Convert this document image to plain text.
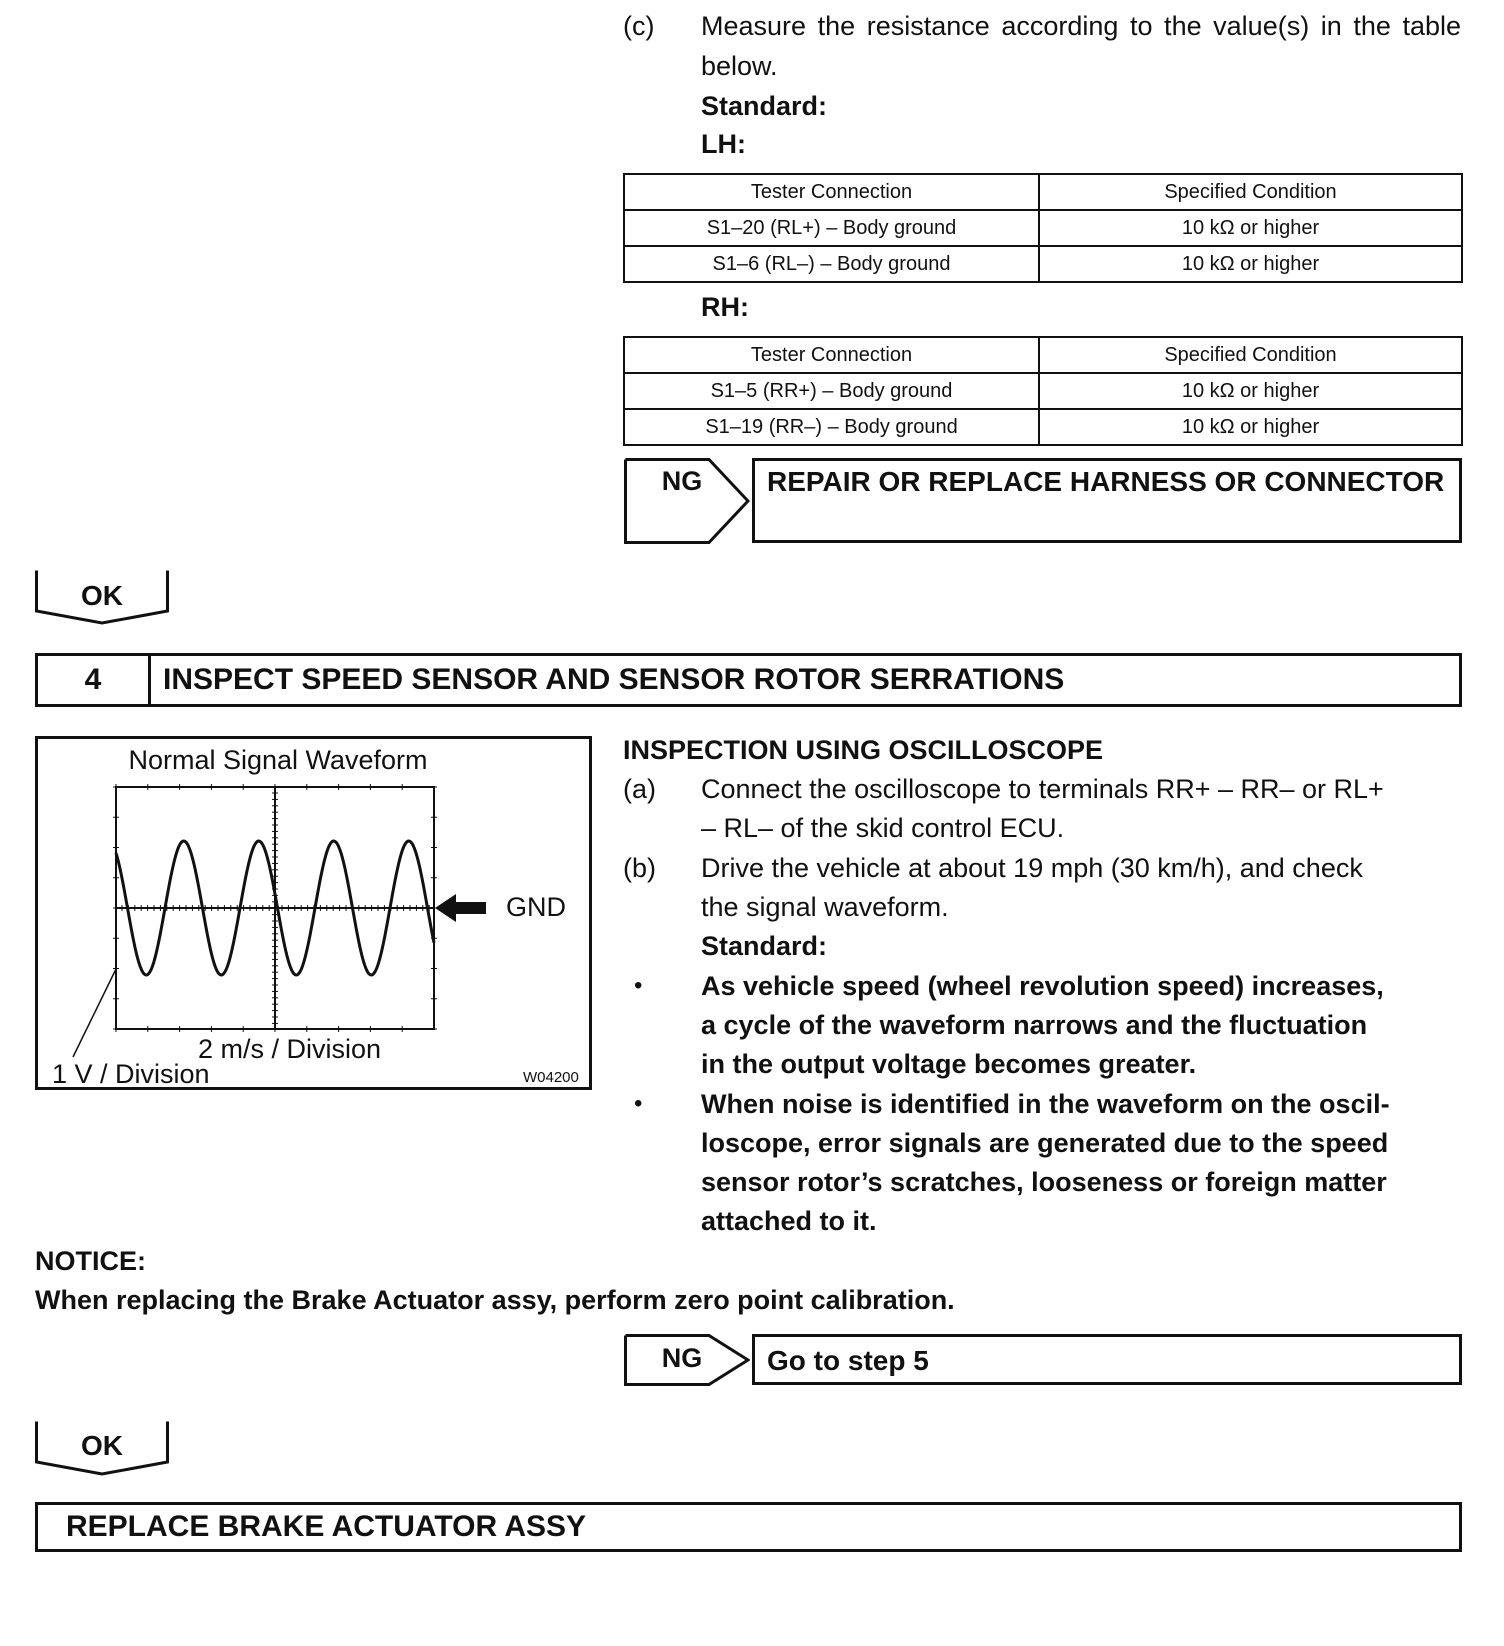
(c) Measure the resistance according to the value(s) in the table below.
Standard:
LH:
Tester Connection	Specified Condition
S1–20 (RL+) – Body ground	10 kΩ or higher
S1–6 (RL–) – Body ground	10 kΩ or higher
RH:
Tester Connection	Specified Condition
S1–5 (RR+) – Body ground	10 kΩ or higher
S1–19 (RR–) – Body ground	10 kΩ or higher
NG	REPAIR OR REPLACE HARNESS OR CONNECTOR
OK
4	INSPECT SPEED SENSOR AND SENSOR ROTOR SERRATIONS
Normal Signal Waveform
GND
2 m/s / Division
1 V / Division	W04200
INSPECTION USING OSCILLOSCOPE
(a) Connect the oscilloscope to terminals RR+ – RR– or RL+
– RL– of the skid control ECU.
(b) Drive the vehicle at about 19 mph (30 km/h), and check
the signal waveform.
Standard:
• As vehicle speed (wheel revolution speed) increases,
a cycle of the waveform narrows and the fluctuation
in the output voltage becomes greater.
• When noise is identified in the waveform on the oscil-
loscope, error signals are generated due to the speed
sensor rotor’s scratches, looseness or foreign matter
attached to it.
NOTICE:
When replacing the Brake Actuator assy, perform zero point calibration.
NG	Go to step 5
OK
REPLACE BRAKE ACTUATOR ASSY
